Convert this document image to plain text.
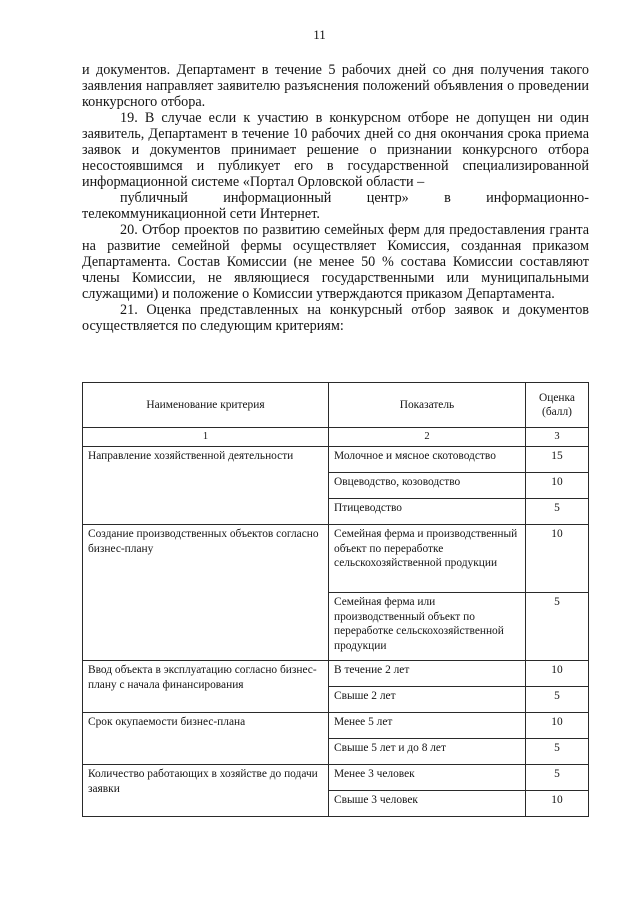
11

и документов. Департамент в течение 5 рабочих дней со дня получения такого заявления направляет заявителю разъяснения положений объявления о проведении конкурсного отбора.

19. В случае если к участию в конкурсном отборе не допущен ни один заявитель, Департамент в течение 10 рабочих дней со дня окончания срока приема заявок и документов принимает решение о признании конкурсного отбора несостоявшимся и публикует его в государственной специализированной информационной системе «Портал Орловской области –
публичный информационный центр» в информационно-
телекоммуникационной сети Интернет.

20. Отбор проектов по развитию семейных ферм для предоставления гранта на развитие семейной фермы осуществляет Комиссия, созданная приказом Департамента. Состав Комиссии (не менее 50 % состава Комиссии составляют члены Комиссии, не являющиеся государственными или муниципальными служащими) и положение о Комиссии утверждаются приказом Департамента.

21. Оценка представленных на конкурсный отбор заявок и документов осуществляется по следующим критериям:

Наименование критерия	Показатель	Оценка (балл)
1	2	3
Направление хозяйственной деятельности	Молочное и мясное скотоводство	15
	Овцеводство, козоводство	10
	Птицеводство	5
Создание производственных объектов согласно бизнес-плану	Семейная ферма и производственный объект по переработке сельскохозяйственной продукции	10
	Семейная ферма или производственный объект по переработке сельскохозяйственной продукции	5
Ввод объекта в эксплуатацию согласно бизнес-плану с начала финансирования	В течение 2 лет	10
	Свыше 2 лет	5
Срок окупаемости бизнес-плана	Менее 5 лет	10
	Свыше 5 лет и до 8 лет	5
Количество работающих в хозяйстве до подачи заявки	Менее 3 человек	5
	Свыше 3 человек	10
